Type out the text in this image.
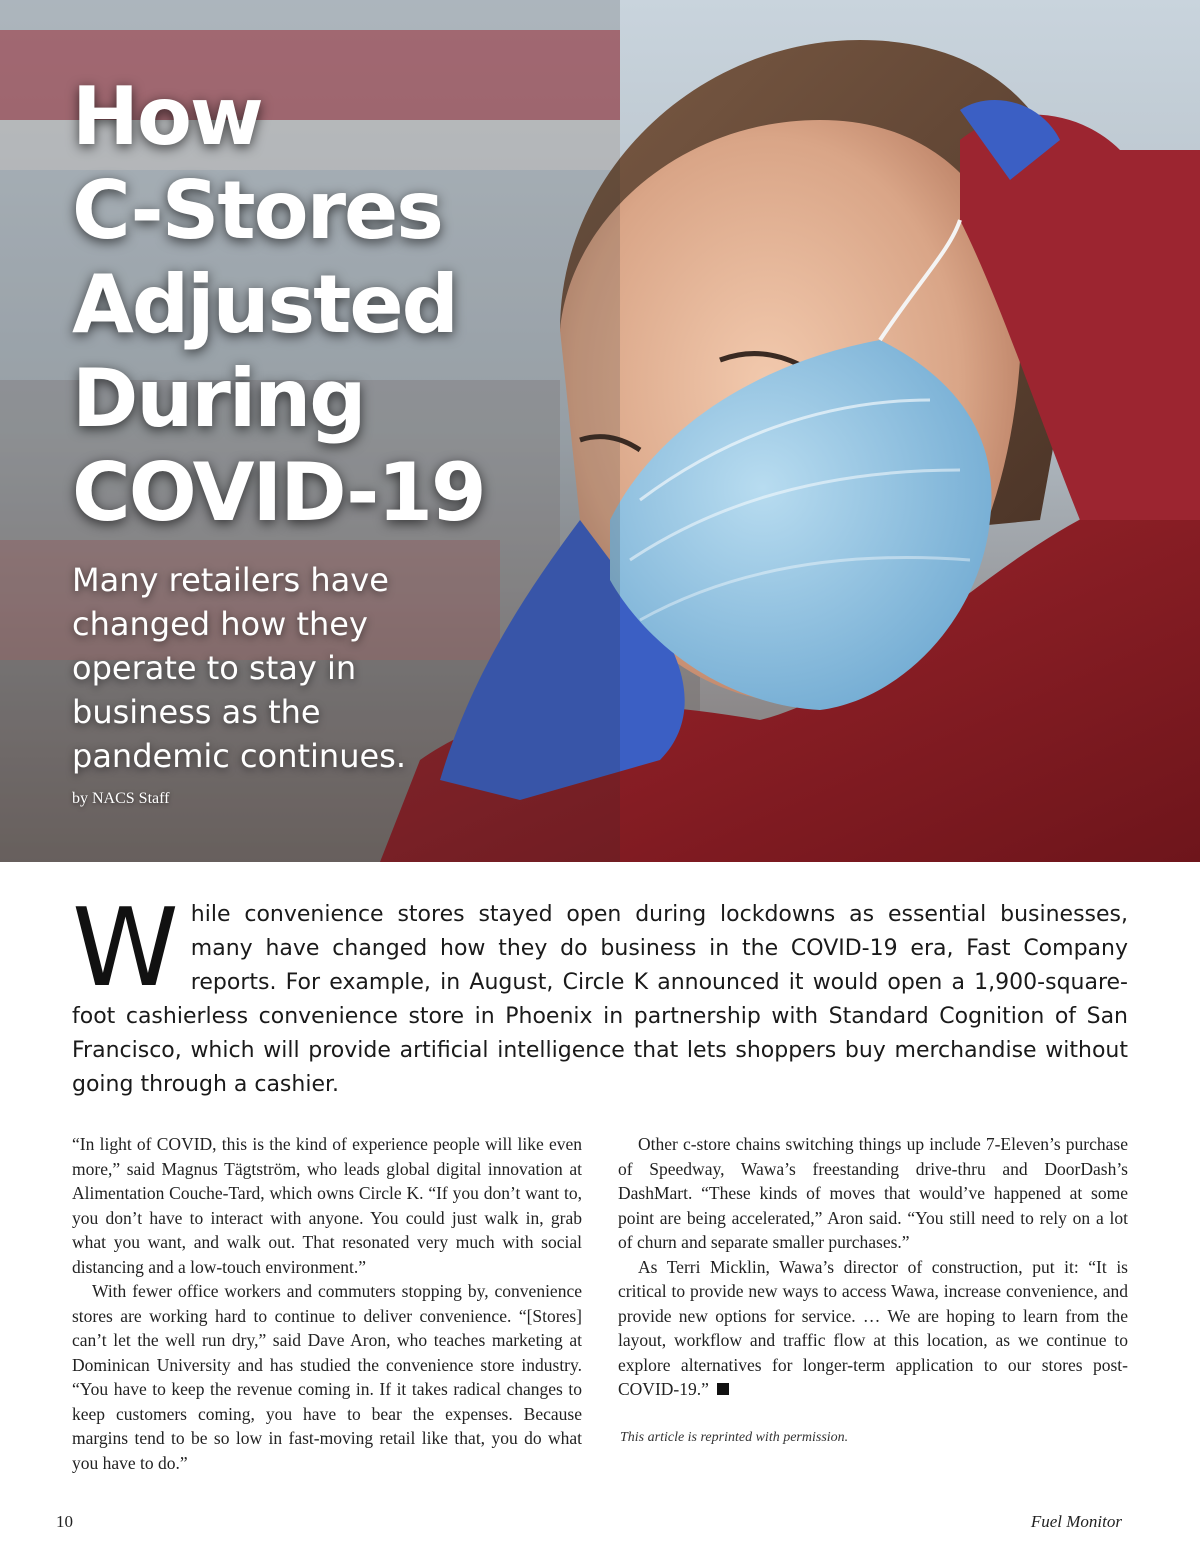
How
C-Stores
Adjusted
During
COVID-19

Many retailers have changed how they operate to stay in business as the pandemic continues.

by NACS Staff

While convenience stores stayed open during lockdowns as essential businesses, many have changed how they do business in the COVID-19 era, Fast Company reports. For example, in August, Circle K announced it would open a 1,900-square-foot cashierless convenience store in Phoenix in partnership with Standard Cognition of San Francisco, which will provide artificial intelligence that lets shoppers buy merchandise without going through a cashier.

“In light of COVID, this is the kind of experience people will like even more,” said Magnus Tägtström, who leads global digital innovation at Alimentation Couche-Tard, which owns Circle K. “If you don’t want to, you don’t have to interact with anyone. You could just walk in, grab what you want, and walk out. That resonated very much with social distancing and a low-touch environment.”

With fewer office workers and commuters stopping by, convenience stores are working hard to continue to deliver convenience. “[Stores] can’t let the well run dry,” said Dave Aron, who teaches marketing at Dominican University and has studied the convenience store industry. “You have to keep the revenue coming in. If it takes radical changes to keep customers coming, you have to bear the expenses. Because margins tend to be so low in fast-moving retail like that, you do what you have to do.”

Other c-store chains switching things up include 7-Eleven’s purchase of Speedway, Wawa’s freestanding drive-thru and DoorDash’s DashMart. “These kinds of moves that would’ve happened at some point are being accelerated,” Aron said. “You still need to rely on a lot of churn and separate smaller purchases.”

As Terri Micklin, Wawa’s director of construction, put it: “It is critical to provide new ways to access Wawa, increase convenience, and provide new options for service. … We are hoping to learn from the layout, workflow and traffic flow at this location, as we continue to explore alternatives for longer-term application to our stores post-COVID-19.”

This article is reprinted with permission.
10	Fuel Monitor
